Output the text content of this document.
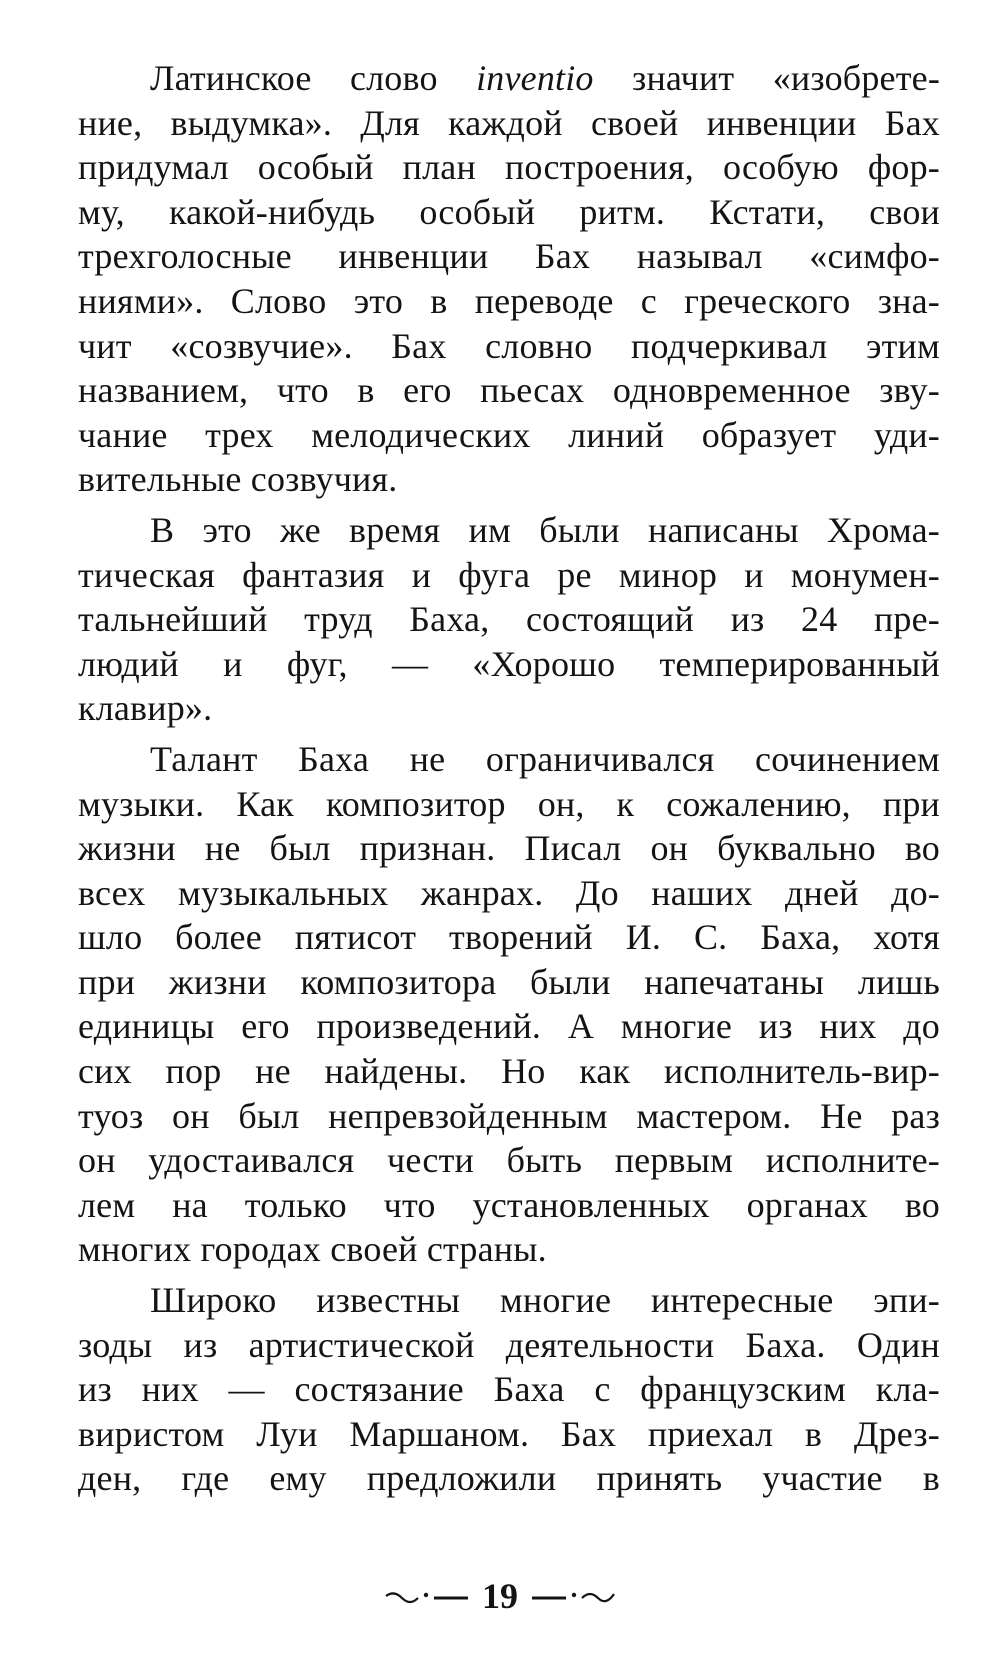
Латинское слово inventio значит «изобрете-
ние, выдумка». Для каждой своей инвенции Бах
придумал особый план построения, особую фор-
му, какой-нибудь особый ритм. Кстати, свои
трехголосные инвенции Бах называл «симфо-
ниями». Слово это в переводе с греческого зна-
чит «созвучие». Бах словно подчеркивал этим
названием, что в его пьесах одновременное зву-
чание трех мелодических линий образует уди-
вительные созвучия.
В это же время им были написаны Хрома-
тическая фантазия и фуга ре минор и монумен-
тальнейший труд Баха, состоящий из 24 пре-
людий и фуг, — «Хорошо темперированный
клавир».
Талант Баха не ограничивался сочинением
музыки. Как композитор он, к сожалению, при
жизни не был признан. Писал он буквально во
всех музыкальных жанрах. До наших дней до-
шло более пятисот творений И. С. Баха, хотя
при жизни композитора были напечатаны лишь
единицы его произведений. А многие из них до
сих пор не найдены. Но как исполнитель-вир-
туоз он был непревзойденным мастером. Не раз
он удостаивался чести быть первым исполните-
лем на только что установленных органах во
многих городах своей страны.
Широко известны многие интересные эпи-
зоды из артистической деятельности Баха. Один
из них — состязание Баха с французским кла-
виристом Луи Маршаном. Бах приехал в Дрез-
ден, где ему предложили принять участие в
19
